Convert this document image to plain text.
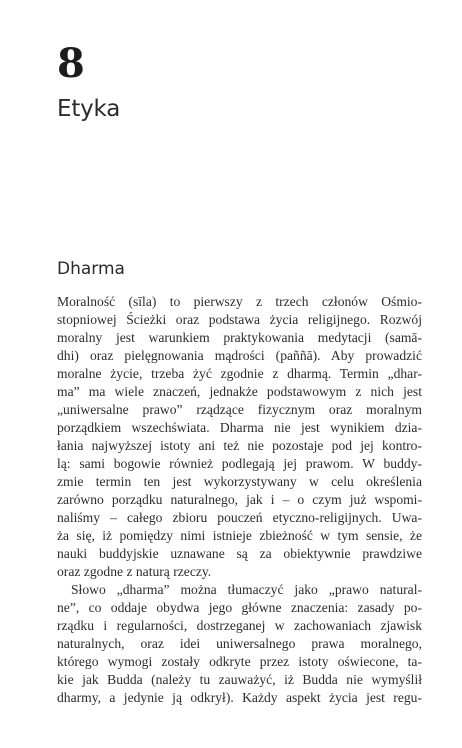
8
Etyka
Dharma

Moralność (sīla) to pierwszy z trzech członów Ośmio-
stopniowej Ścieżki oraz podstawa życia religijnego. Rozwój
moralny jest warunkiem praktykowania medytacji (samā-
dhi) oraz pielęgnowania mądrości (paññā). Aby prowadzić
moralne życie, trzeba żyć zgodnie z dharmą. Termin „dhar-
ma” ma wiele znaczeń, jednakże podstawowym z nich jest
„uniwersalne prawo” rządzące fizycznym oraz moralnym
porządkiem wszechświata. Dharma nie jest wynikiem dzia-
łania najwyższej istoty ani też nie pozostaje pod jej kontro-
lą: sami bogowie również podlegają jej prawom. W buddy-
zmie termin ten jest wykorzystywany w celu określenia
zarówno porządku naturalnego, jak i – o czym już wspomi-
naliśmy – całego zbioru pouczeń etyczno-religijnych. Uwa-
ża się, iż pomiędzy nimi istnieje zbieżność w tym sensie, że
nauki buddyjskie uznawane są za obiektywnie prawdziwe
oraz zgodne z naturą rzeczy.

Słowo „dharma” można tłumaczyć jako „prawo natural-
ne”, co oddaje obydwa jego główne znaczenia: zasady po-
rządku i regularności, dostrzeganej w zachowaniach zjawisk
naturalnych, oraz idei uniwersalnego prawa moralnego,
którego wymogi zostały odkryte przez istoty oświecone, ta-
kie jak Budda (należy tu zauważyć, iż Budda nie wymyślił
dharmy, a jedynie ją odkrył). Każdy aspekt życia jest regu-
